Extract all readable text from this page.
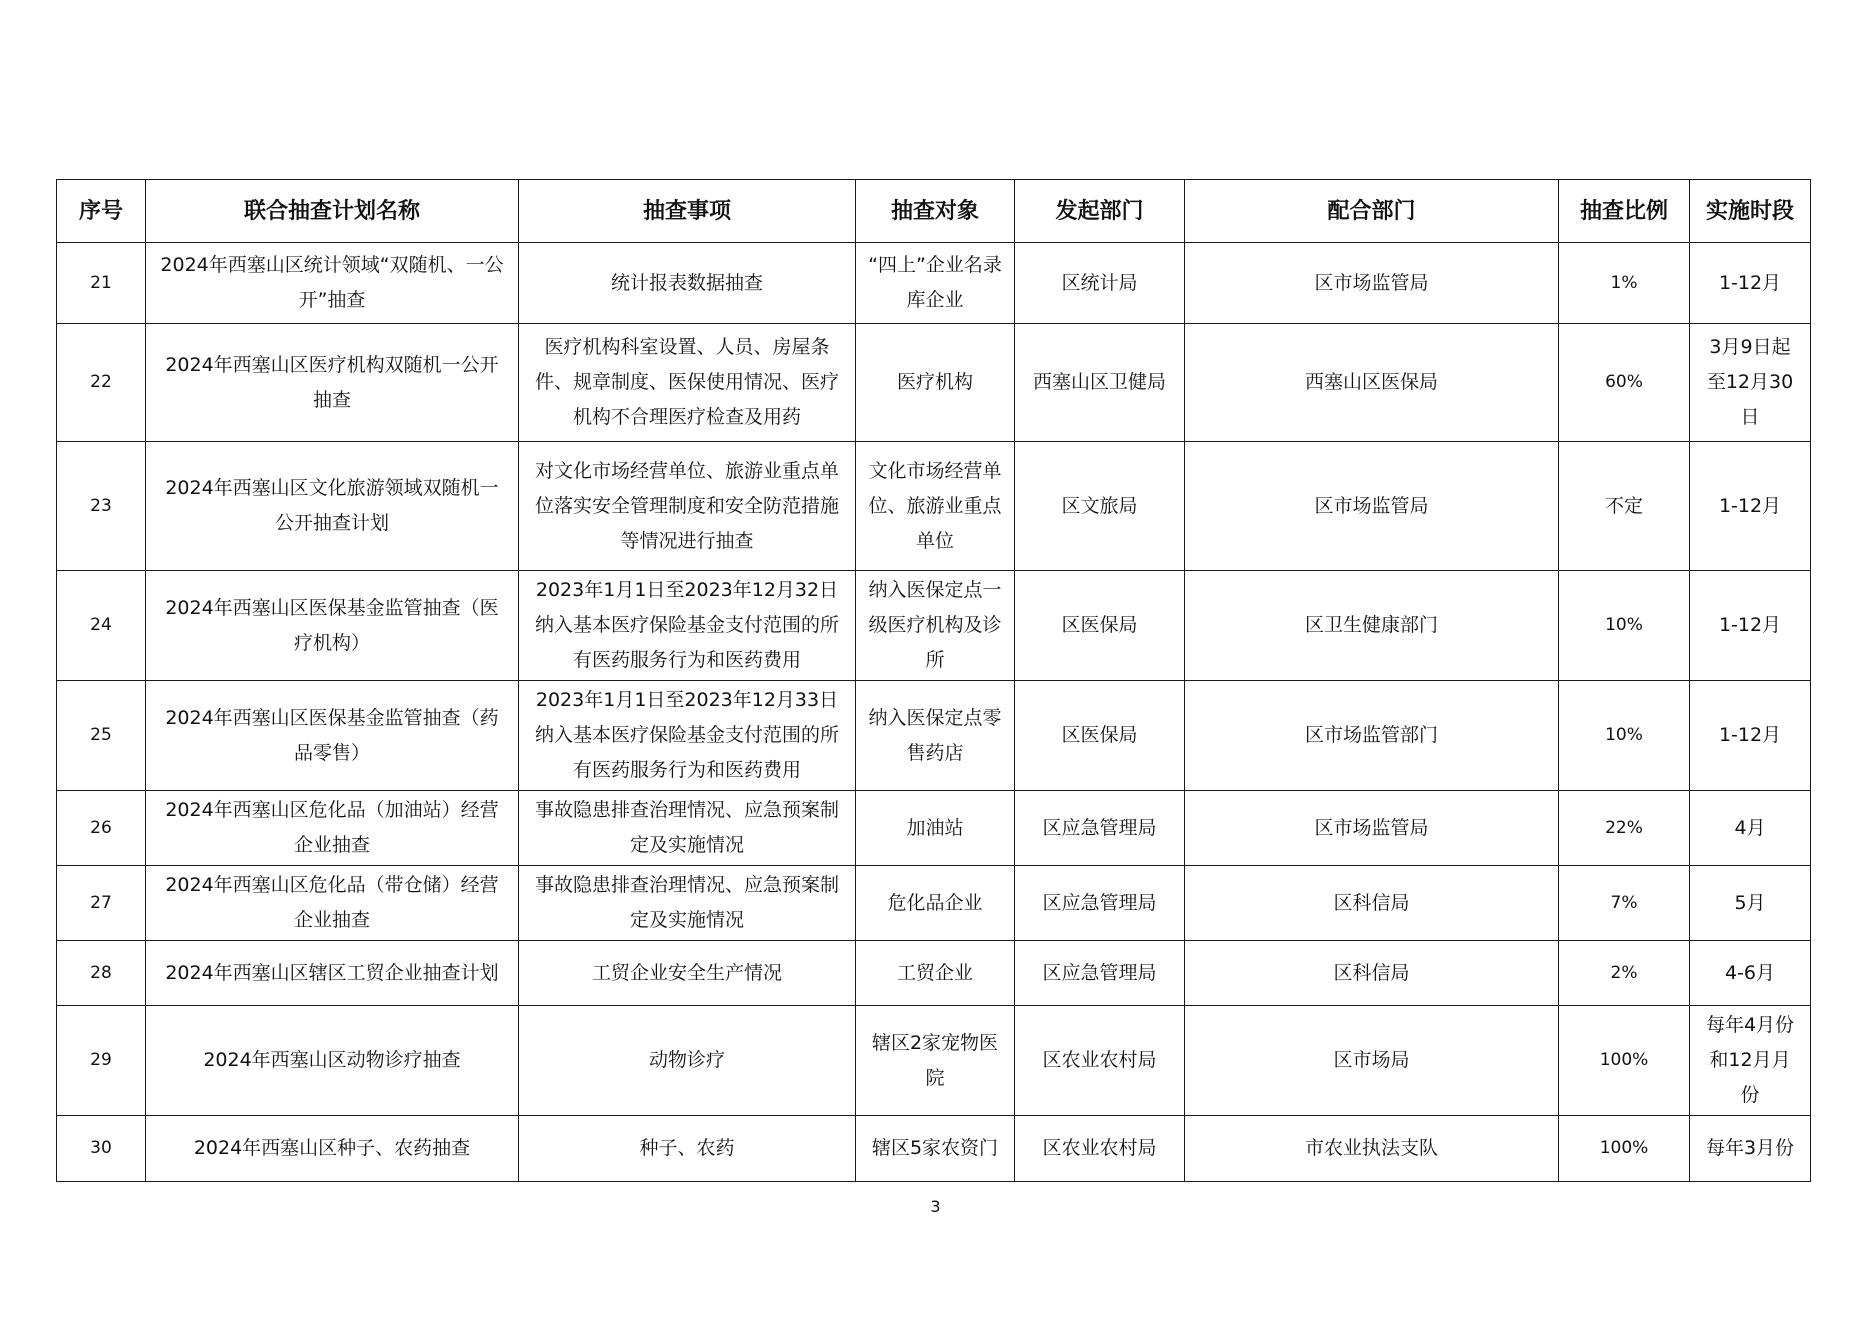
序号	联合抽查计划名称	抽查事项	抽查对象	发起部门	配合部门	抽查比例	实施时段
21	2024年西塞山区统计领域“双随机、一公开”抽查	统计报表数据抽查	“四上”企业名录库企业	区统计局	区市场监管局	1%	1-12月
22	2024年西塞山区医疗机构双随机一公开抽查	医疗机构科室设置、人员、房屋条件、规章制度、医保使用情况、医疗机构不合理医疗检查及用药	医疗机构	西塞山区卫健局	西塞山区医保局	60%	3月9日起至12月30日
23	2024年西塞山区文化旅游领域双随机一公开抽查计划	对文化市场经营单位、旅游业重点单位落实安全管理制度和安全防范措施等情况进行抽查	文化市场经营单位、旅游业重点单位	区文旅局	区市场监管局	不定	1-12月
24	2024年西塞山区医保基金监管抽查（医疗机构）	2023年1月1日至2023年12月32日纳入基本医疗保险基金支付范围的所有医药服务行为和医药费用	纳入医保定点一级医疗机构及诊所	区医保局	区卫生健康部门	10%	1-12月
25	2024年西塞山区医保基金监管抽查（药品零售）	2023年1月1日至2023年12月33日纳入基本医疗保险基金支付范围的所有医药服务行为和医药费用	纳入医保定点零售药店	区医保局	区市场监管部门	10%	1-12月
26	2024年西塞山区危化品（加油站）经营企业抽查	事故隐患排查治理情况、应急预案制定及实施情况	加油站	区应急管理局	区市场监管局	22%	4月
27	2024年西塞山区危化品（带仓储）经营企业抽查	事故隐患排查治理情况、应急预案制定及实施情况	危化品企业	区应急管理局	区科信局	7%	5月
28	2024年西塞山区辖区工贸企业抽查计划	工贸企业安全生产情况	工贸企业	区应急管理局	区科信局	2%	4-6月
29	2024年西塞山区动物诊疗抽查	动物诊疗	辖区2家宠物医院	区农业农村局	区市场局	100%	每年4月份和12月月份
30	2024年西塞山区种子、农药抽查	种子、农药	辖区5家农资门	区农业农村局	市农业执法支队	100%	每年3月份
3
